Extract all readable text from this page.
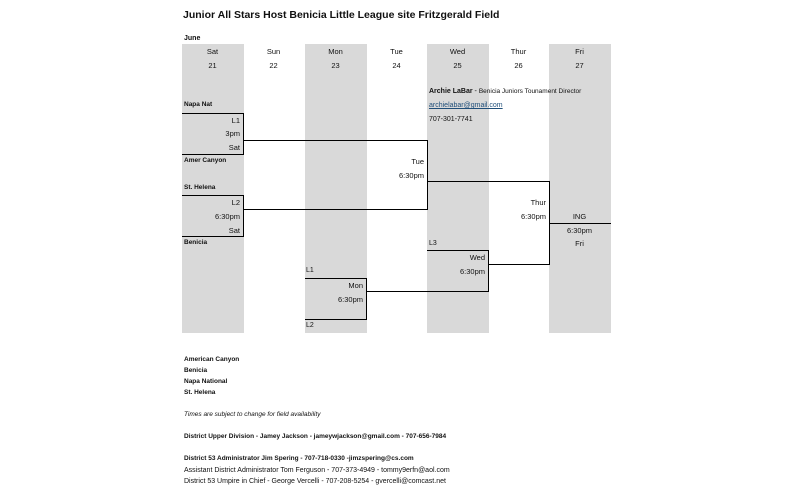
Junior All Stars Host Benicia Little League site Fritzgerald Field
June
Sat	Sun	Mon	Tue	Wed	Thur	Fri
21	22	23	24	25	26	27
Archie LaBar - Benicia Juniors Tounament Director
archielabar@gmail.com
707-301-7741
Napa Nat
L1
3pm
Sat
Amer Canyon
St. Helena
L2
6:30pm
Sat
Benicia
Tue
6:30pm
Thur
6:30pm	ING
6:30pm
Fri
L3
Wed
6:30pm
L1
Mon
6:30pm
L2
American Canyon
Benicia
Napa National
St. Helena
Times are subject to change for field availability
District Upper Division - Jamey Jackson - jameywjackson@gmail.com - 707-656-7984
District 53 Administrator Jim Spering - 707-718-0330 -jimzspering@cs.com
Assistant District Administrator Tom Ferguson - 707-373-4949 - tommy9erfn@aol.com
District 53 Umpire in Chief - George Vercelli - 707-208-5254 - gvercelli@comcast.net
